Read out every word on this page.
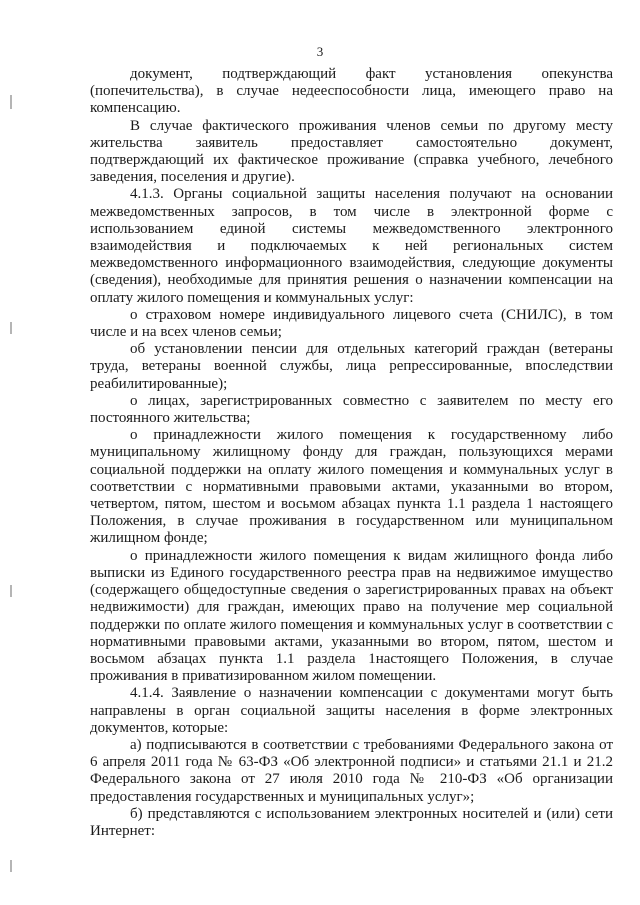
3

документ, подтверждающий факт установления опекунства (попечительства), в случае недееспособности лица, имеющего право на компенсацию.

В случае фактического проживания членов семьи по другому месту жительства заявитель предоставляет самостоятельно документ, подтверждающий их фактическое проживание (справка учебного, лечебного заведения, поселения и другие).

4.1.3. Органы социальной защиты населения получают на основании межведомственных запросов, в том числе в электронной форме с использованием единой системы межведомственного электронного взаимодействия и подключаемых к ней региональных систем межведомственного информационного взаимодействия, следующие документы (сведения), необходимые для принятия решения о назначении компенсации на оплату жилого помещения и коммунальных услуг:

о страховом номере индивидуального лицевого счета (СНИЛС), в том числе и на всех членов семьи;

об установлении пенсии для отдельных категорий граждан (ветераны труда, ветераны военной службы, лица репрессированные, впоследствии реабилитированные);

о лицах, зарегистрированных совместно с заявителем по месту его постоянного жительства;

о принадлежности жилого помещения к государственному либо муниципальному жилищному фонду для граждан, пользующихся мерами социальной поддержки на оплату жилого помещения и коммунальных услуг в соответствии с нормативными правовыми актами, указанными во втором, четвертом, пятом, шестом и восьмом абзацах пункта 1.1 раздела 1 настоящего Положения, в случае проживания в государственном или муниципальном жилищном фонде;

о принадлежности жилого помещения к видам жилищного фонда либо выписки из Единого государственного реестра прав на недвижимое имущество (содержащего общедоступные сведения о зарегистрированных правах на объект недвижимости) для граждан, имеющих право на получение мер социальной поддержки по оплате жилого помещения и коммунальных услуг в соответствии с нормативными правовыми актами, указанными во втором, пятом, шестом и восьмом абзацах пункта 1.1 раздела 1настоящего Положения, в случае проживания в приватизированном жилом помещении.

4.1.4. Заявление о назначении компенсации с документами могут быть направлены в орган социальной защиты населения в форме электронных документов, которые:

а) подписываются в соответствии с требованиями Федерального закона от 6 апреля 2011 года № 63-ФЗ «Об электронной подписи» и статьями 21.1 и 21.2 Федерального закона от 27 июля 2010 года № 210-ФЗ «Об организации предоставления государственных и муниципальных услуг»;

б) представляются с использованием электронных носителей и (или) сети Интернет:
